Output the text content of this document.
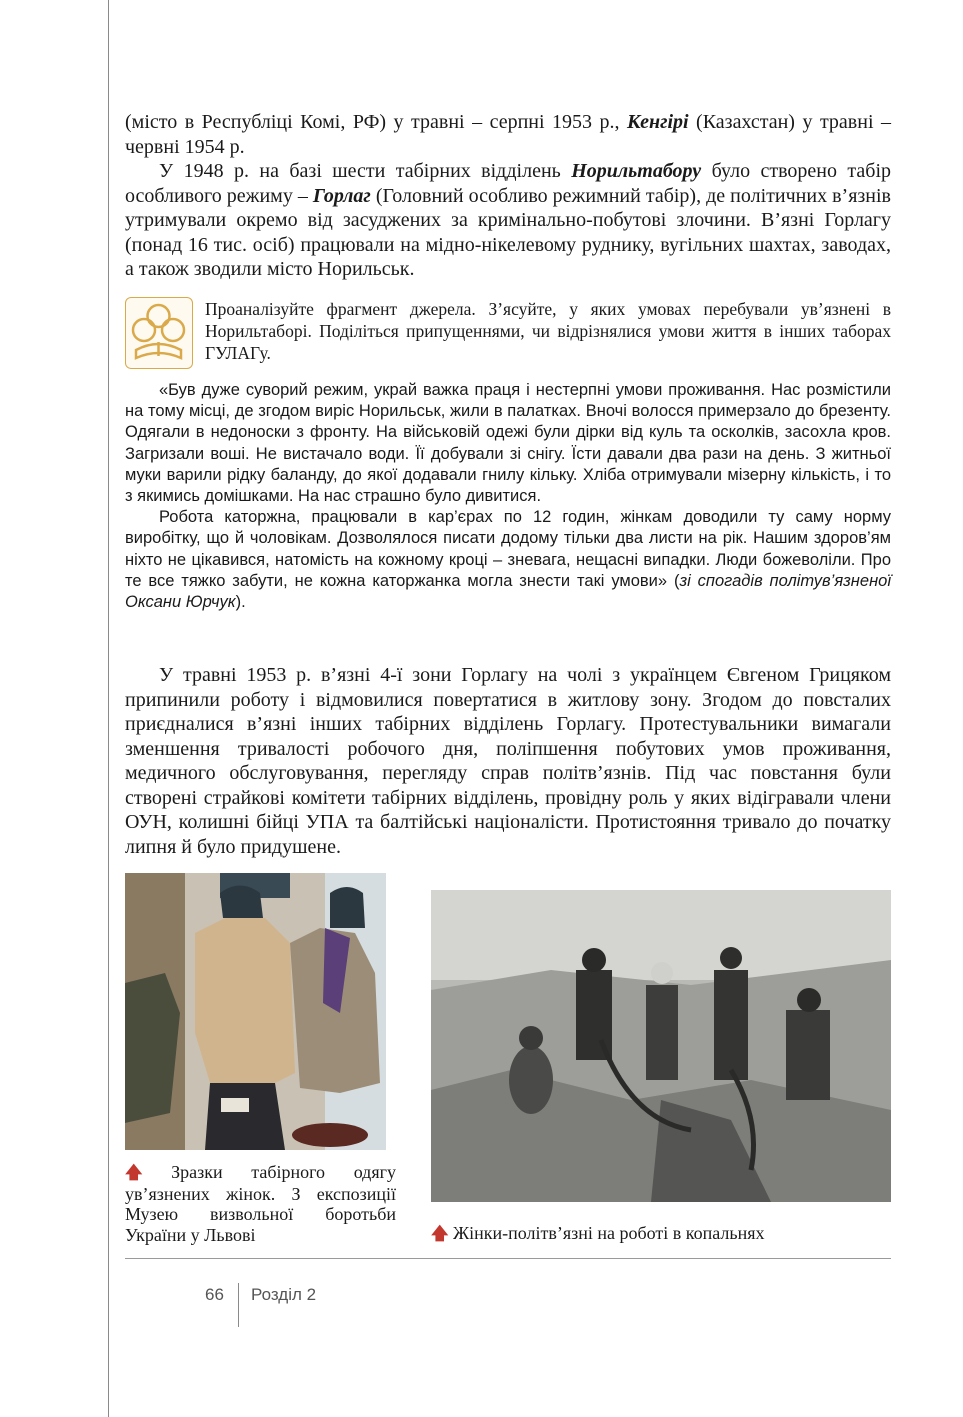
(місто в Республіці Комі, РФ) у травні – серпні 1953 р., Кенгірі (Казахстан) у травні – червні 1954 р.

У 1948 р. на базі шести табірних відділень Норильтабору було створено табір особливого режиму – Горлаг (Головний особливо режимний табір), де політичних в’язнів утримували окремо від засуджених за кримінально-побутові злочини. В’язні Горлагу (понад 16 тис. осіб) працювали на мідно-нікелевому руднику, вугільних шахтах, заводах, а також зводили місто Норильськ.

Проаналізуйте фрагмент джерела. З’ясуйте, у яких умовах перебували ув’язнені в Норильтаборі. Поділіться припущеннями, чи відрізнялися умови життя в інших таборах ГУЛАГу.

«Був дуже суворий режим, украй важка праця і нестерпні умови проживання. Нас розмістили на тому місці, де згодом виріс Норильськ, жили в палатках. Вночі волосся примерзало до брезенту. Одягали в недоноски з фронту. На військовій одежі були дірки від куль та осколків, засохла кров. Загризали воші. Не вистачало води. Її добували зі снігу. Їсти давали два рази на день. З житньої муки варили рідку баланду, до якої додавали гнилу кільку. Хліба отримували мізерну кількість, і то з якимись домішками. На нас страшно було дивитися.

Робота каторжна, працювали в кар’єрах по 12 годин, жінкам доводили ту саму норму виробітку, що й чоловікам. Дозволялося писати додому тільки два листи на рік. Нашим здоров’ям ніхто не цікавився, натомість на кожному кроці – зневага, нещасні випадки. Люди божеволіли. Про те все тяжко забути, не кожна каторжанка могла знести такі умови» (зі спогадів політув’язненої Оксани Юрчук).

У травні 1953 р. в’язні 4-ї зони Горлагу на чолі з українцем Євгеном Грицяком припинили роботу і відмовилися повертатися в житлову зону. Згодом до повсталих приєдналися в’язні інших табірних відділень Горлагу. Протестувальники вимагали зменшення тривалості робочого дня, поліпшення побутових умов проживання, медичного обслуговування, перегляду справ політв’язнів. Під час повстання були створені страйкові комітети табірних відділень, провідну роль у яких відігравали члени ОУН, колишні бійці УПА та балтійські націоналісти. Протистояння тривало до початку липня й було придушене.

🡅 Зразки табірного одягу ув’язнених жінок. З експозиції Музею визвольної боротьби України у Львові	🡅 Жінки-політв’язні на роботі в копальнях
66 Розділ 2
